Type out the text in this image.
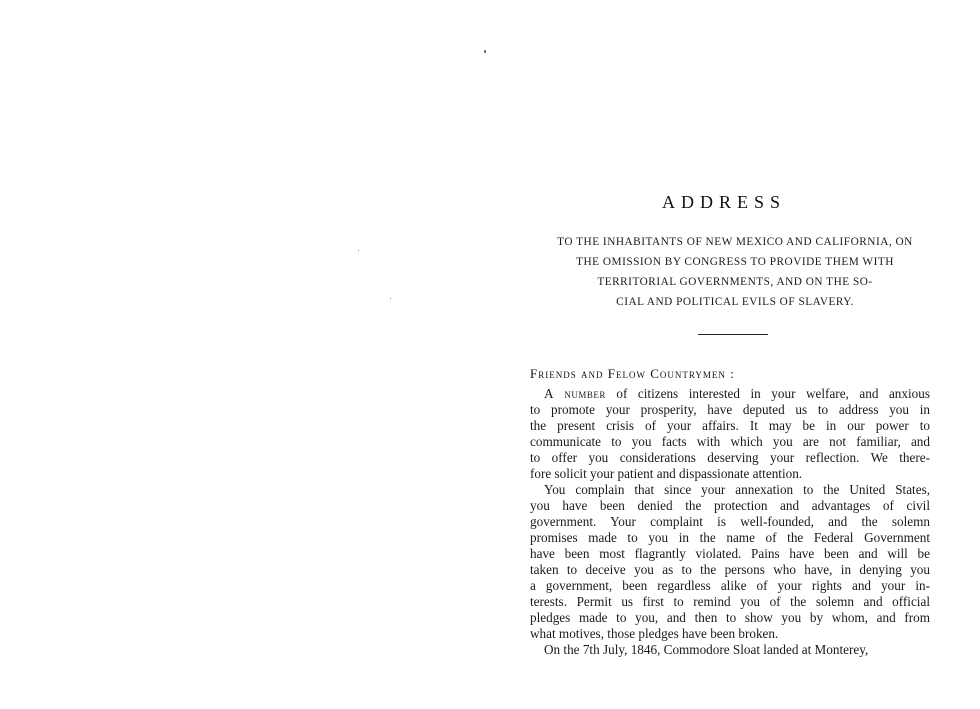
ADDRESS
TO THE INHABITANTS OF NEW MEXICO AND CALIFORNIA, ON
THE OMISSION BY CONGRESS TO PROVIDE THEM WITH
TERRITORIAL GOVERNMENTS, AND ON THE SO-
CIAL AND POLITICAL EVILS OF SLAVERY.
Friends and Felow Countrymen :
A number of citizens interested in your welfare, and anxious
to promote your prosperity, have deputed us to address you in
the present crisis of your affairs. It may be in our power to
communicate to you facts with which you are not familiar, and
to offer you considerations deserving your reflection. We there-
fore solicit your patient and dispassionate attention.
You complain that since your annexation to the United States,
you have been denied the protection and advantages of civil
government. Your complaint is well-founded, and the solemn
promises made to you in the name of the Federal Government
have been most flagrantly violated. Pains have been and will be
taken to deceive you as to the persons who have, in denying you
a government, been regardless alike of your rights and your in-
terests. Permit us first to remind you of the solemn and official
pledges made to you, and then to show you by whom, and from
what motives, those pledges have been broken.
On the 7th July, 1846, Commodore Sloat landed at Monterey,
